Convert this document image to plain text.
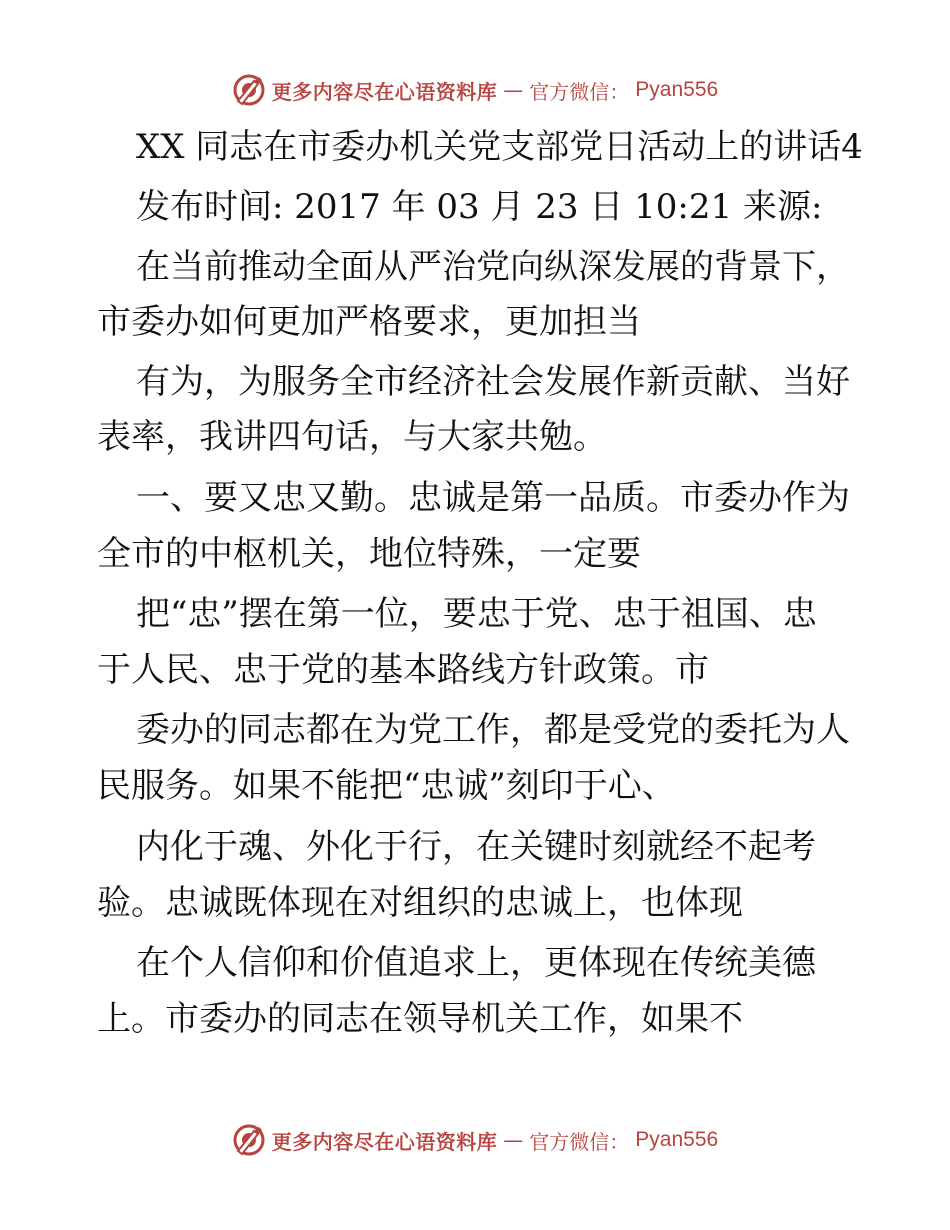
更多内容尽在心语资料库 — 官方微信： Pyan556
XX 同志在市委办机关党支部党日活动上的讲话4
发布时间: 2017 年 03 月 23 日 10:21 来源:
在当前推动全面从严治党向纵深发展的背景下，
市委办如何更加严格要求，更加担当
有为，为服务全市经济社会发展作新贡献、当好
表率，我讲四句话，与大家共勉。
一、要又忠又勤。忠诚是第一品质。市委办作为
全市的中枢机关，地位特殊，一定要
把“忠”摆在第一位，要忠于党、忠于祖国、忠
于人民、忠于党的基本路线方针政策。市
委办的同志都在为党工作，都是受党的委托为人
民服务。如果不能把“忠诚”刻印于心、
内化于魂、外化于行，在关键时刻就经不起考
验。忠诚既体现在对组织的忠诚上，也体现
在个人信仰和价值追求上，更体现在传统美德
上。市委办的同志在领导机关工作，如果不
更多内容尽在心语资料库 — 官方微信： Pyan556
